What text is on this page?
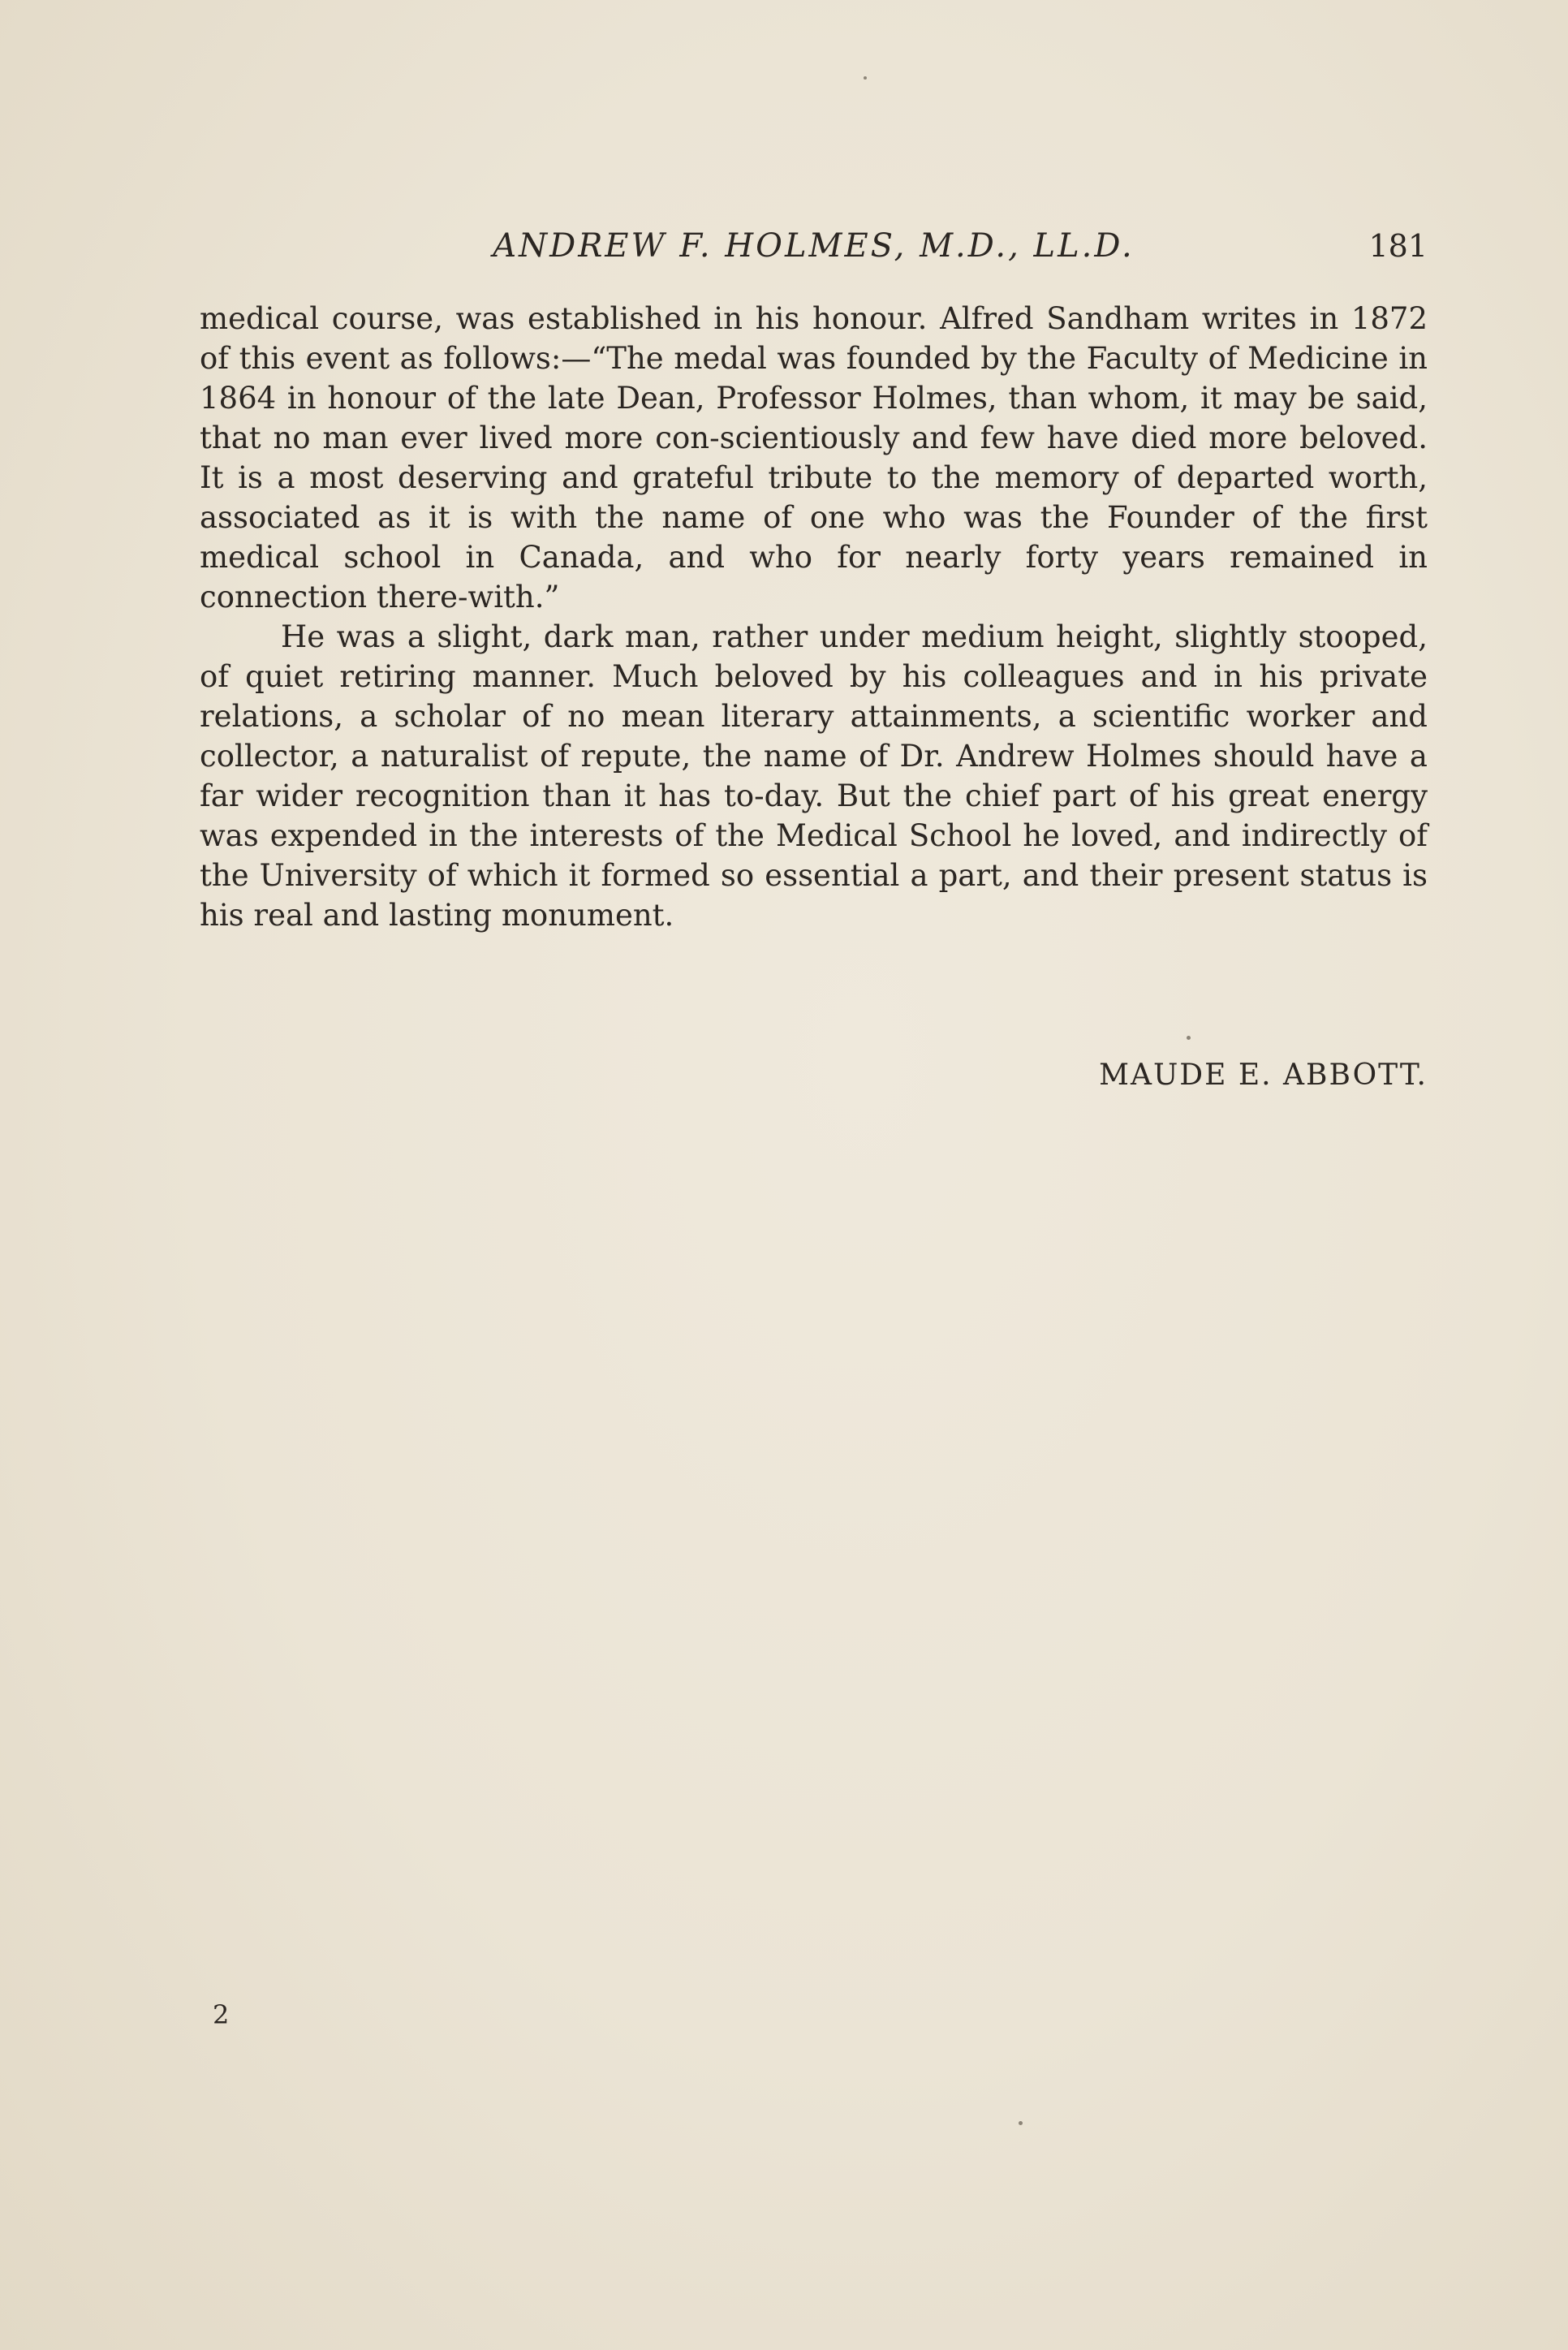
ANDREW F. HOLMES, M.D., LL.D.	181

medical course, was established in his honour. Alfred Sandham writes in 1872 of this event as follows:—“The medal was founded by the Faculty of Medicine in 1864 in honour of the late Dean, Professor Holmes, than whom, it may be said, that no man ever lived more con-scientiously and few have died more beloved. It is a most deserving and grateful tribute to the memory of departed worth, associated as it is with the name of one who was the Founder of the first medical school in Canada, and who for nearly forty years remained in connection there-with.”

He was a slight, dark man, rather under medium height, slightly stooped, of quiet retiring manner. Much beloved by his colleagues and in his private relations, a scholar of no mean literary attainments, a scientific worker and collector, a naturalist of repute, the name of Dr. Andrew Holmes should have a far wider recognition than it has to-day. But the chief part of his great energy was expended in the interests of the Medical School he loved, and indirectly of the University of which it formed so essential a part, and their present status is his real and lasting monument.

MAUDE E. ABBOTT.
2
